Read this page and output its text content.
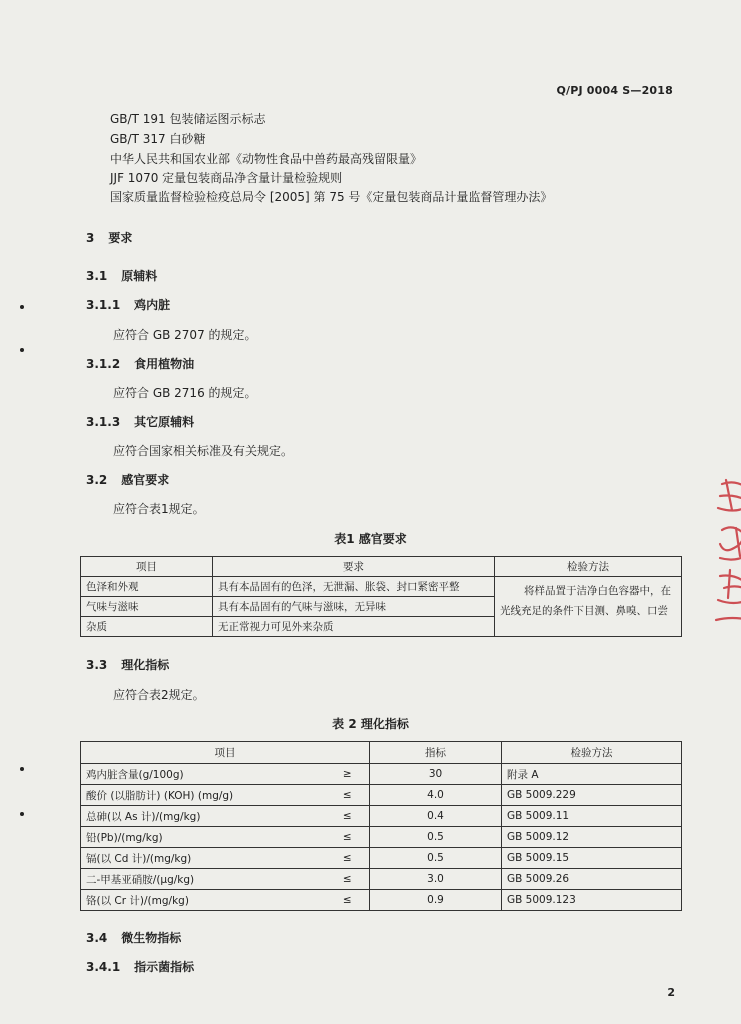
Q/PJ 0004 S—2018
GB/T 191 包装储运图示标志
GB/T 317 白砂糖
中华人民共和国农业部《动物性食品中兽药最高残留限量》
JJF 1070 定量包装商品净含量计量检验规则
国家质量监督检验检疫总局令 [2005] 第 75 号《定量包装商品计量监督管理办法》
3 要求
3.1 原辅料
3.1.1 鸡内脏
应符合 GB 2707 的规定。
3.1.2 食用植物油
应符合 GB 2716 的规定。
3.1.3 其它原辅料
应符合国家相关标准及有关规定。
3.2 感官要求
应符合表1规定。
表1 感官要求
项目	要求	检验方法
色泽和外观	具有本品固有的色泽，无泄漏、胀袋、封口紧密平整	将样品置于洁净白色容器中，在光线充足的条件下目测、鼻嗅、口尝
气味与滋味	具有本品固有的气味与滋味，无异味	
杂质	无正常视力可见外来杂质	
3.3 理化指标
应符合表2规定。
表 2 理化指标
项目		指标	检验方法
鸡内脏含量(g/100g)	≥	30	附录 A
酸价 (以脂肪计) (KOH) (mg/g)	≤	4.0	GB 5009.229
总砷(以 As 计)/(mg/kg)	≤	0.4	GB 5009.11
铅(Pb)/(mg/kg)	≤	0.5	GB 5009.12
镉(以 Cd 计)/(mg/kg)	≤	0.5	GB 5009.15
二-甲基亚硝胺/(μg/kg)	≤	3.0	GB 5009.26
铬(以 Cr 计)/(mg/kg)	≤	0.9	GB 5009.123
3.4 微生物指标
3.4.1 指示菌指标
2
